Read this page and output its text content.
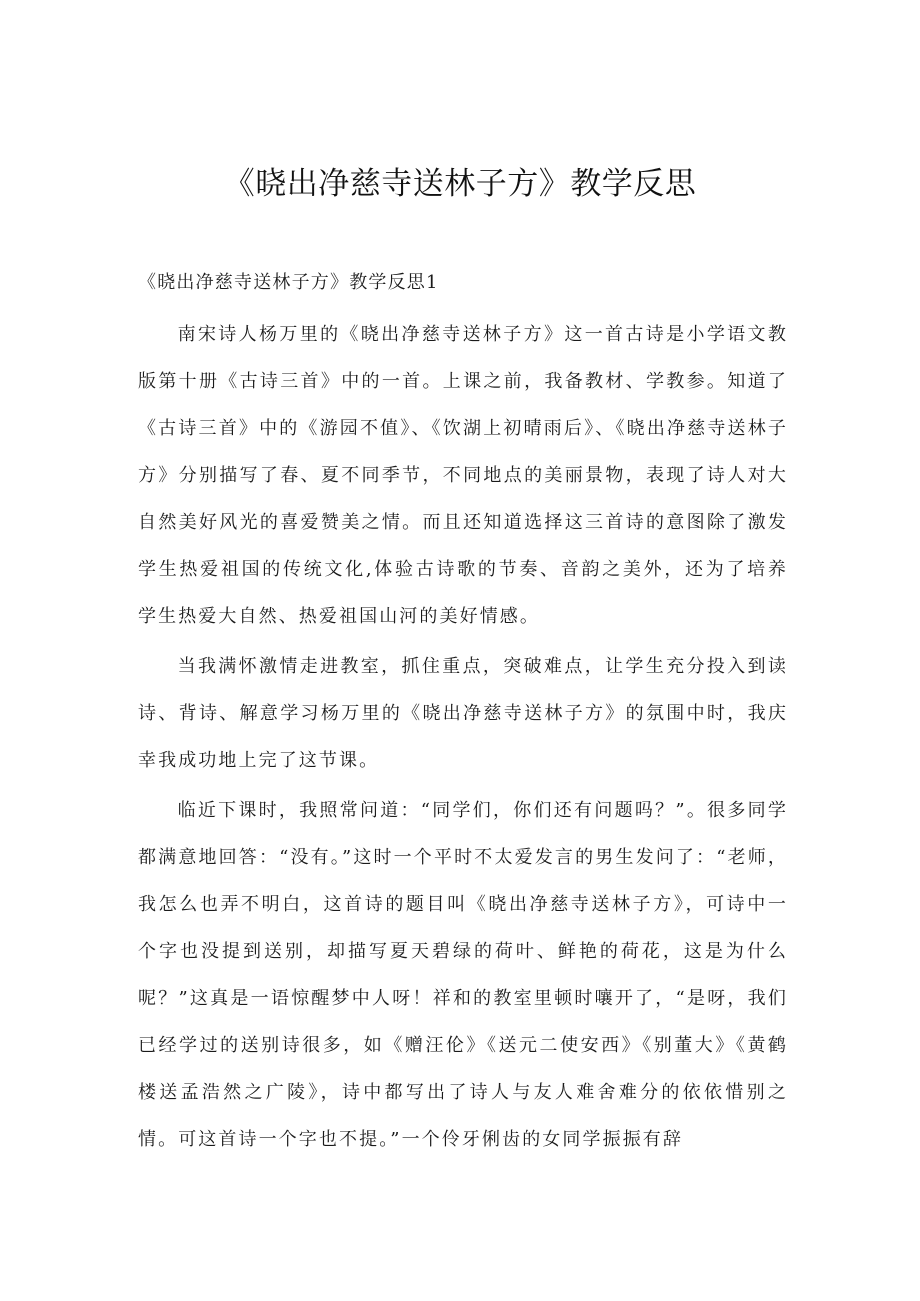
《晓出净慈寺送林子方》教学反思
《晓出净慈寺送林子方》教学反思1

南宋诗人杨万里的《晓出净慈寺送林子方》这一首古诗是小学语文教版第十册《古诗三首》中的一首。上课之前，我备教材、学教参。知道了《古诗三首》中的《游园不值》、《饮湖上初晴雨后》、《晓出净慈寺送林子方》分别描写了春、夏不同季节，不同地点的美丽景物，表现了诗人对大自然美好风光的喜爱赞美之情。而且还知道选择这三首诗的意图除了激发学生热爱祖国的传统文化,体验古诗歌的节奏、音韵之美外，还为了培养学生热爱大自然、热爱祖国山河的美好情感。

当我满怀激情走进教室，抓住重点，突破难点，让学生充分投入到读诗、背诗、解意学习杨万里的《晓出净慈寺送林子方》的氛围中时，我庆幸我成功地上完了这节课。

临近下课时，我照常问道：“同学们，你们还有问题吗？”。很多同学都满意地回答：“没有。”这时一个平时不太爱发言的男生发问了：“老师，我怎么也弄不明白，这首诗的题目叫《晓出净慈寺送林子方》，可诗中一个字也没提到送别，却描写夏天碧绿的荷叶、鲜艳的荷花，这是为什么呢？”这真是一语惊醒梦中人呀！祥和的教室里顿时嚷开了，“是呀，我们已经学过的送别诗很多，如《赠汪伦》《送元二使安西》《别董大》《黄鹤楼送孟浩然之广陵》，诗中都写出了诗人与友人难舍难分的依依惜别之情。可这首诗一个字也不提。”一个伶牙俐齿的女同学振振有辞
